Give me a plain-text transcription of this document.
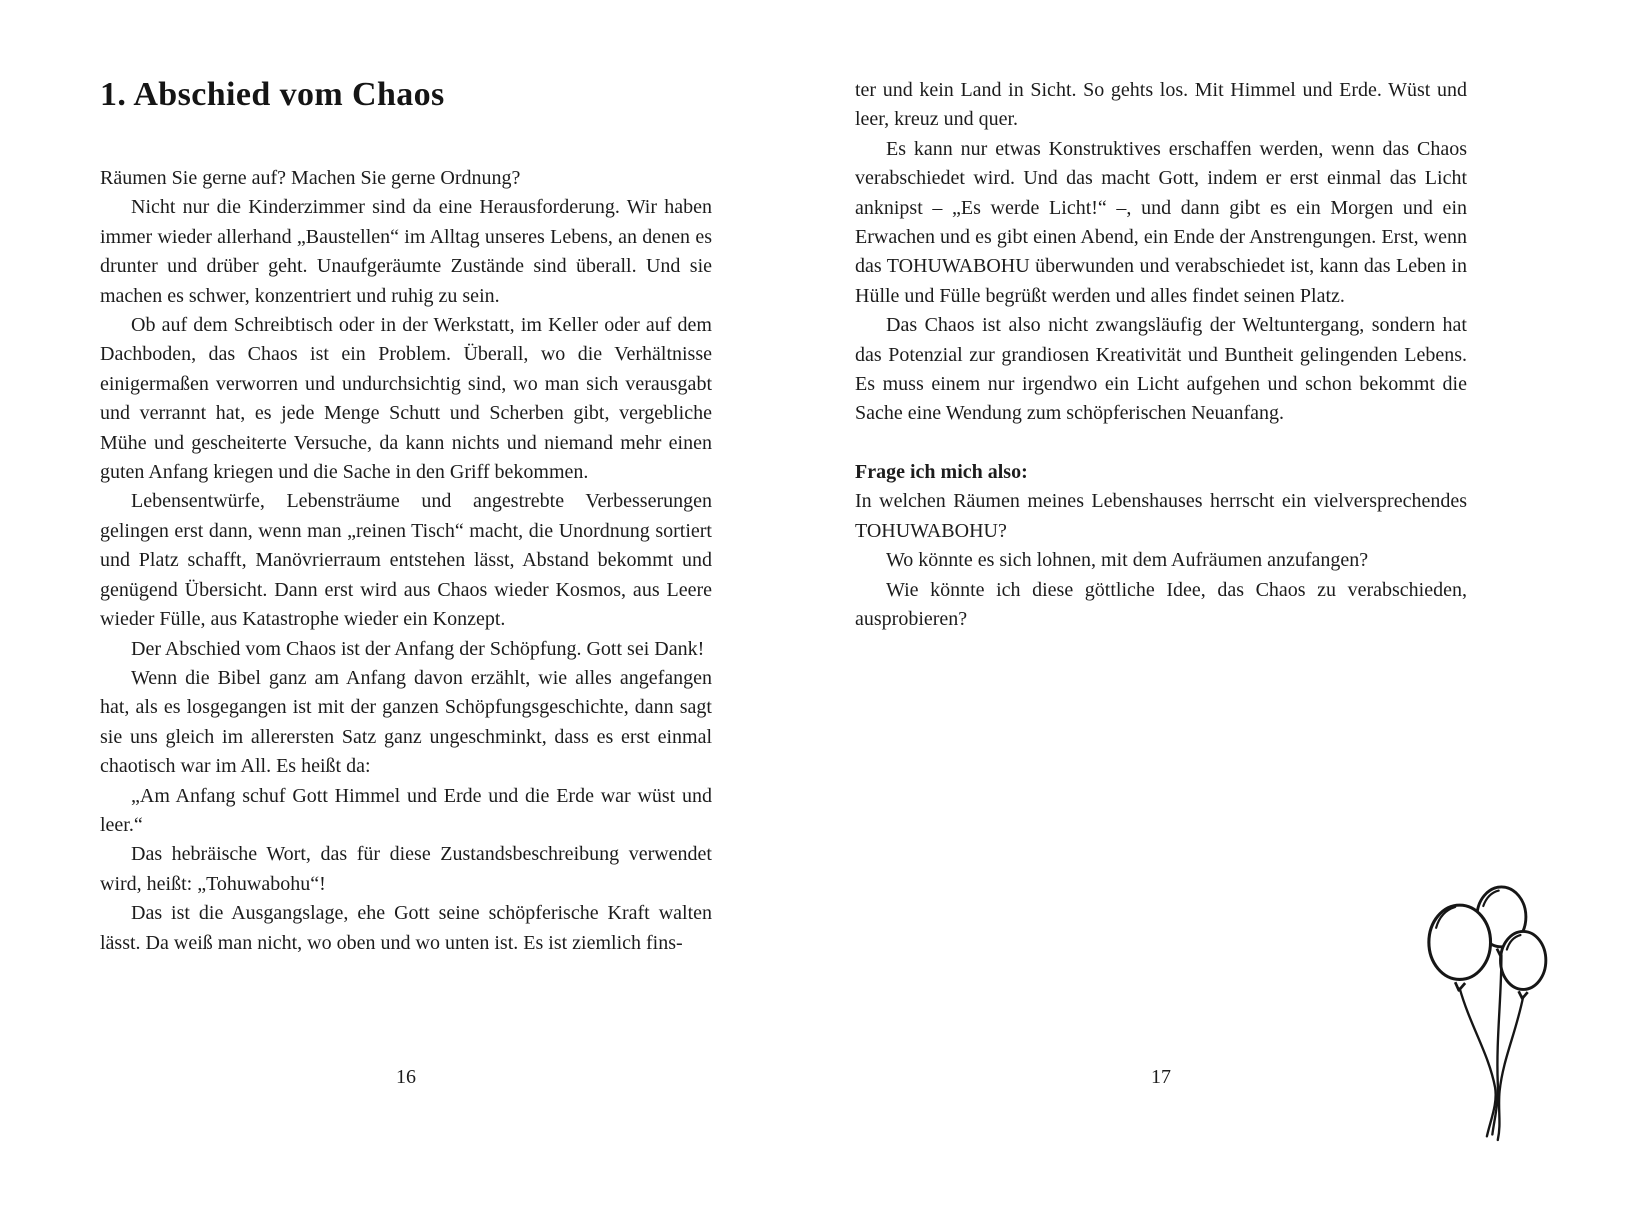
1. Abschied vom Chaos

Räumen Sie gerne auf? Machen Sie gerne Ordnung?

Nicht nur die Kinderzimmer sind da eine Herausforderung. Wir haben immer wieder allerhand „Baustellen“ im Alltag unseres Lebens, an denen es drunter und drüber geht. Unaufgeräumte Zustände sind überall. Und sie machen es schwer, konzentriert und ruhig zu sein.

Ob auf dem Schreibtisch oder in der Werkstatt, im Keller oder auf dem Dachboden, das Chaos ist ein Problem. Überall, wo die Verhältnisse einigermaßen verworren und undurchsichtig sind, wo man sich verausgabt und verrannt hat, es jede Menge Schutt und Scherben gibt, vergebliche Mühe und gescheiterte Versuche, da kann nichts und niemand mehr einen guten Anfang kriegen und die Sache in den Griff bekommen.

Lebensentwürfe, Lebensträume und angestrebte Verbesserungen gelingen erst dann, wenn man „reinen Tisch“ macht, die Unordnung sortiert und Platz schafft, Manövrierraum entstehen lässt, Abstand bekommt und genügend Übersicht. Dann erst wird aus Chaos wieder Kosmos, aus Leere wieder Fülle, aus Katastrophe wieder ein Konzept.

Der Abschied vom Chaos ist der Anfang der Schöpfung. Gott sei Dank!

Wenn die Bibel ganz am Anfang davon erzählt, wie alles angefangen hat, als es losgegangen ist mit der ganzen Schöpfungsgeschichte, dann sagt sie uns gleich im allerersten Satz ganz ungeschminkt, dass es erst einmal chaotisch war im All. Es heißt da:

„Am Anfang schuf Gott Himmel und Erde und die Erde war wüst und leer.“

Das hebräische Wort, das für diese Zustandsbeschreibung verwendet wird, heißt: „Tohuwabohu“!

Das ist die Ausgangslage, ehe Gott seine schöpferische Kraft walten lässt. Da weiß man nicht, wo oben und wo unten ist. Es ist ziemlich fins-

ter und kein Land in Sicht. So gehts los. Mit Himmel und Erde. Wüst und leer, kreuz und quer.

Es kann nur etwas Konstruktives erschaffen werden, wenn das Chaos verabschiedet wird. Und das macht Gott, indem er erst einmal das Licht anknipst – „Es werde Licht!“ –, und dann gibt es ein Morgen und ein Erwachen und es gibt einen Abend, ein Ende der Anstrengungen. Erst, wenn das TOHUWABOHU überwunden und verabschiedet ist, kann das Leben in Hülle und Fülle begrüßt werden und alles findet seinen Platz.

Das Chaos ist also nicht zwangsläufig der Weltuntergang, sondern hat das Potenzial zur grandiosen Kreativität und Buntheit gelingenden Lebens. Es muss einem nur irgendwo ein Licht aufgehen und schon bekommt die Sache eine Wendung zum schöpferischen Neuanfang.

Frage ich mich also:

In welchen Räumen meines Lebenshauses herrscht ein vielversprechendes TOHUWABOHU?

Wo könnte es sich lohnen, mit dem Aufräumen anzufangen?

Wie könnte ich diese göttliche Idee, das Chaos zu verabschieden, ausprobieren?

16	17
